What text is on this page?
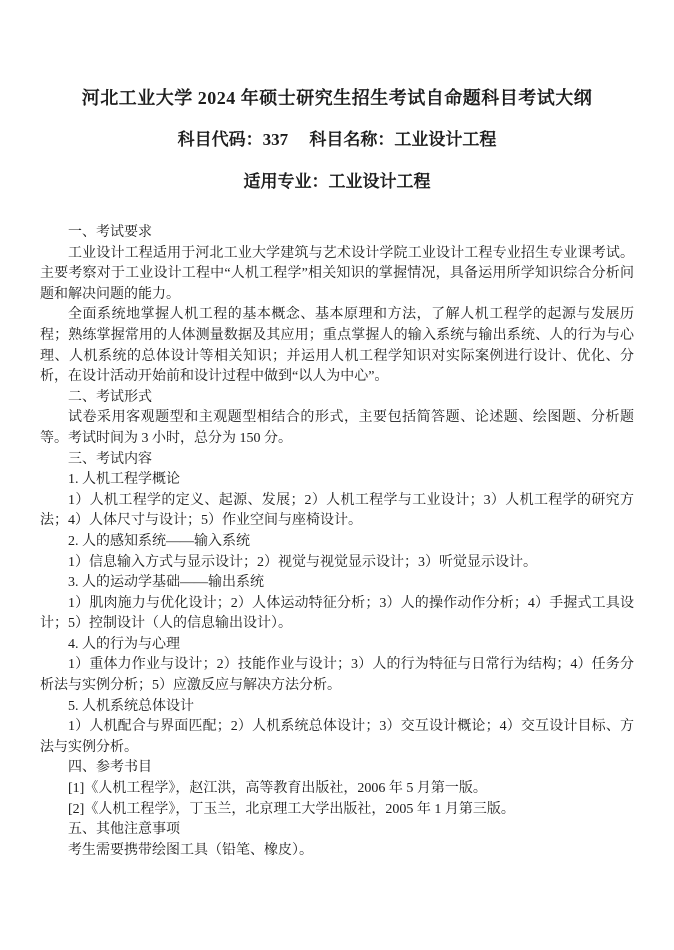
河北工业大学 2024 年硕士研究生招生考试自命题科目考试大纲
科目代码：337　 科目名称：工业设计工程
适用专业：工业设计工程

一、考试要求

工业设计工程适用于河北工业大学建筑与艺术设计学院工业设计工程专业招生专业课考试。主要考察对于工业设计工程中“人机工程学”相关知识的掌握情况，具备运用所学知识综合分析问题和解决问题的能力。

全面系统地掌握人机工程的基本概念、基本原理和方法，了解人机工程学的起源与发展历程；熟练掌握常用的人体测量数据及其应用；重点掌握人的输入系统与输出系统、人的行为与心理、人机系统的总体设计等相关知识；并运用人机工程学知识对实际案例进行设计、优化、分析，在设计活动开始前和设计过程中做到“以人为中心”。

二、考试形式

试卷采用客观题型和主观题型相结合的形式，主要包括简答题、论述题、绘图题、分析题等。考试时间为 3 小时，总分为 150 分。

三、考试内容

1. 人机工程学概论

1）人机工程学的定义、起源、发展；2）人机工程学与工业设计；3）人机工程学的研究方法；4）人体尺寸与设计；5）作业空间与座椅设计。

2. 人的感知系统——输入系统

1）信息输入方式与显示设计；2）视觉与视觉显示设计；3）听觉显示设计。

3. 人的运动学基础——输出系统

1）肌肉施力与优化设计；2）人体运动特征分析；3）人的操作动作分析；4）手握式工具设计；5）控制设计（人的信息输出设计）。

4. 人的行为与心理

1）重体力作业与设计；2）技能作业与设计；3）人的行为特征与日常行为结构；4）任务分析法与实例分析；5）应激反应与解决方法分析。

5. 人机系统总体设计

1）人机配合与界面匹配；2）人机系统总体设计；3）交互设计概论；4）交互设计目标、方法与实例分析。

四、参考书目

[1]《人机工程学》，赵江洪，高等教育出版社，2006 年 5 月第一版。

[2]《人机工程学》，丁玉兰，北京理工大学出版社，2005 年 1 月第三版。

五、其他注意事项

考生需要携带绘图工具（铅笔、橡皮）。
